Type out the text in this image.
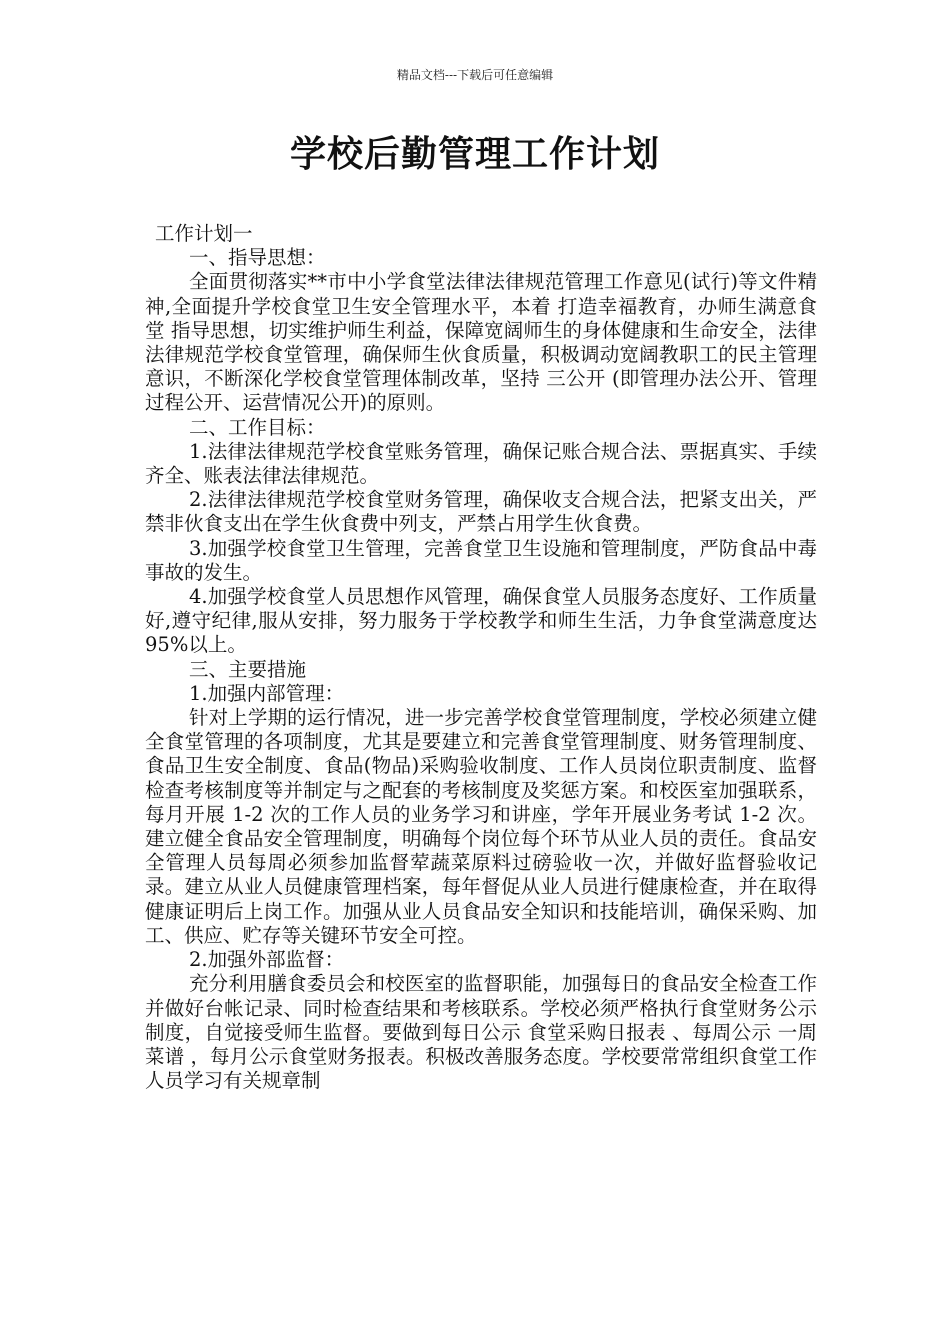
精品文档---下载后可任意编辑
学校后勤管理工作计划

工作计划一

一、指导思想：

全面贯彻落实**市中小学食堂法律法律规范管理工作意见(试行)等文件精神,全面提升学校食堂卫生安全管理水平，本着 打造幸福教育，办师生满意食堂 指导思想，切实维护师生利益，保障宽阔师生的身体健康和生命安全，法律法律规范学校食堂管理，确保师生伙食质量，积极调动宽阔教职工的民主管理意识，不断深化学校食堂管理体制改革，坚持 三公开 (即管理办法公开、管理过程公开、运营情况公开)的原则。

二、工作目标：

1.法律法律规范学校食堂账务管理，确保记账合规合法、票据真实、手续齐全、账表法律法律规范。

2.法律法律规范学校食堂财务管理，确保收支合规合法，把紧支出关，严禁非伙食支出在学生伙食费中列支，严禁占用学生伙食费。

3.加强学校食堂卫生管理，完善食堂卫生设施和管理制度，严防食品中毒事故的发生。

4.加强学校食堂人员思想作风管理，确保食堂人员服务态度好、工作质量好,遵守纪律,服从安排，努力服务于学校教学和师生生活，力争食堂满意度达95%以上。

三、主要措施

1.加强内部管理：

针对上学期的运行情况，进一步完善学校食堂管理制度，学校必须建立健全食堂管理的各项制度，尤其是要建立和完善食堂管理制度、财务管理制度、食品卫生安全制度、食品(物品)采购验收制度、工作人员岗位职责制度、监督检查考核制度等并制定与之配套的考核制度及奖惩方案。和校医室加强联系，每月开展 1-2 次的工作人员的业务学习和讲座，学年开展业务考试 1-2 次。建立健全食品安全管理制度，明确每个岗位每个环节从业人员的责任。食品安全管理人员每周必须参加监督荤蔬菜原料过磅验收一次，并做好监督验收记录。建立从业人员健康管理档案，每年督促从业人员进行健康检查，并在取得健康证明后上岗工作。加强从业人员食品安全知识和技能培训，确保采购、加工、供应、贮存等关键环节安全可控。

2.加强外部监督：

充分利用膳食委员会和校医室的监督职能，加强每日的食品安全检查工作并做好台帐记录、同时检查结果和考核联系。学校必须严格执行食堂财务公示制度，自觉接受师生监督。要做到每日公示 食堂采购日报表 、每周公示 一周菜谱 ，每月公示食堂财务报表。积极改善服务态度。学校要常常组织食堂工作人员学习有关规章制
